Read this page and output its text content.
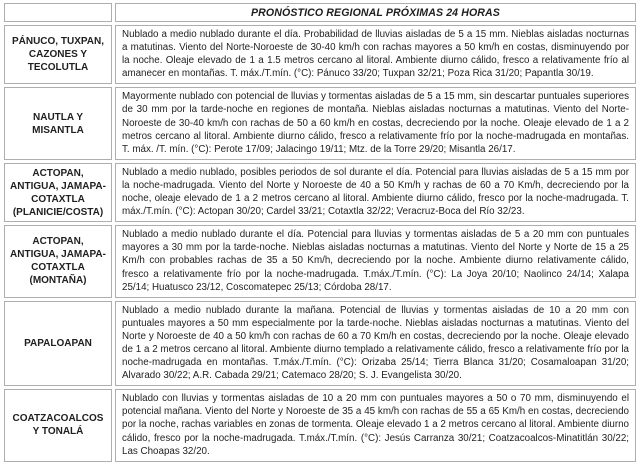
	PRONÓSTICO REGIONAL PRÓXIMAS 24 HORAS
PÁNUCO, TUXPAN, CAZONES Y TECOLUTLA	Nublado a medio nublado durante el día. Probabilidad de lluvias aisladas de 5 a 15 mm. Nieblas aisladas nocturnas a matutinas. Viento del Norte-Noroeste de 30-40 km/h con rachas mayores a 50 km/h en costas, disminuyendo por la noche. Oleaje elevado de 1 a 1.5 metros cercano al litoral. Ambiente diurno cálido, fresco a relativamente frío al amanecer en montañas. T. máx./T.mín. (°C): Pánuco 33/20; Tuxpan 32/21; Poza Rica 31/20; Papantla 30/19.
NAUTLA Y MISANTLA	Mayormente nublado con potencial de lluvias y tormentas aisladas de 5 a 15 mm, sin descartar puntuales superiores de 30 mm por la tarde-noche en regiones de montaña. Nieblas aisladas nocturnas a matutinas. Viento del Norte-Noroeste de 30-40 km/h con rachas de 50 a 60 km/h en costas, decreciendo por la noche. Oleaje elevado de 1 a 2 metros cercano al litoral. Ambiente diurno cálido, fresco a relativamente frío por la noche-madrugada en montañas. T. máx. /T. mín. (°C): Perote 17/09; Jalacingo 19/11; Mtz. de la Torre 29/20; Misantla 26/17.
ACTOPAN, ANTIGUA, JAMAPA-COTAXTLA (PLANICIE/COSTA)	Nublado a medio nublado, posibles periodos de sol durante el día. Potencial para lluvias aisladas de 5 a 15 mm por la noche-madrugada. Viento del Norte y Noroeste de 40 a 50 Km/h y rachas de 60 a 70 Km/h, decreciendo por la noche, oleaje elevado de 1 a 2 metros cercano al litoral. Ambiente diurno cálido, fresco por la noche-madrugada. T. máx./T.mín. (°C): Actopan 30/20; Cardel 33/21; Cotaxtla 32/22; Veracruz-Boca del Río 32/23.
ACTOPAN, ANTIGUA, JAMAPA-COTAXTLA (MONTAÑA)	Nublado a medio nublado durante el día. Potencial para lluvias y tormentas aisladas de 5 a 20 mm con puntuales mayores a 30 mm por la tarde-noche. Nieblas aisladas nocturnas a matutinas. Viento del Norte y Norte de 15 a 25 Km/h con probables rachas de 35 a 50 Km/h, decreciendo por la noche. Ambiente diurno relativamente cálido, fresco a relativamente frío por la noche-madrugada. T.máx./T.mín. (°C): La Joya 20/10; Naolinco 24/14; Xalapa 25/14; Huatusco 23/12, Coscomatepec 25/13; Córdoba 28/17.
PAPALOAPAN	Nublado a medio nublado durante la mañana. Potencial de lluvias y tormentas aisladas de 10 a 20 mm con puntuales mayores a 50 mm especialmente por la tarde-noche. Nieblas aisladas nocturnas a matutinas. Viento del Norte y Noroeste de 40 a 50 km/h con rachas de 60 a 70 Km/h en costas, decreciendo por la noche. Oleaje elevado de 1 a 2 metros cercano al litoral. Ambiente diurno templado a relativamente cálido, fresco a relativamente frío por la noche-madrugada en montañas. T.máx./T.mín. (°C): Orizaba 25/14; Tierra Blanca 31/20; Cosamaloapan 31/20; Alvarado 30/22; A.R. Cabada 29/21; Catemaco 28/20; S. J. Evangelista 30/20.
COATZACOALCOS Y TONALÁ	Nublado con lluvias y tormentas aisladas de 10 a 20 mm con puntuales mayores a 50 o 70 mm, disminuyendo el potencial mañana. Viento del Norte y Noroeste de 35 a 45 km/h con rachas de 55 a 65 Km/h en costas, decreciendo por la noche, rachas variables en zonas de tormenta. Oleaje elevado 1 a 2 metros cercano al litoral. Ambiente diurno cálido, fresco por la noche-madrugada. T.máx./T.mín. (°C): Jesús Carranza 30/21; Coatzacoalcos-Minatitlán 30/22; Las Choapas 32/20.
